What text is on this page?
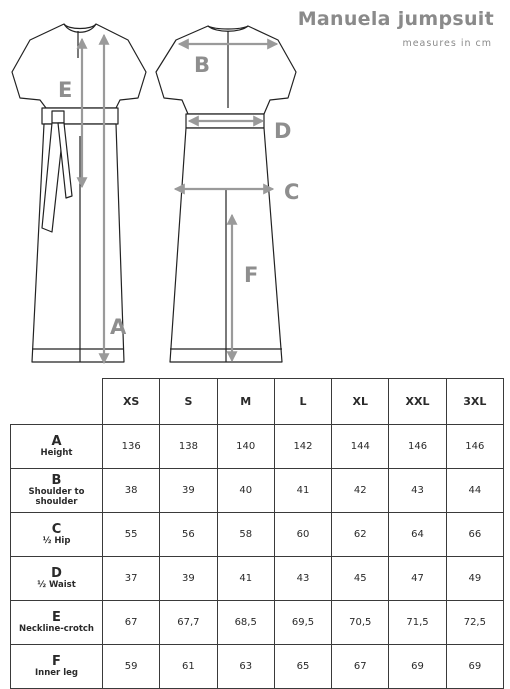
Manuela jumpsuit

measures in cm

E
A
B
D
C
F
	XS	S	M	L	XL	XXL	3XL

A
Height	136	138	140	142	144	146	146

B
Shoulder to shoulder	38	39	40	41	42	43	44

C
½ Hip	55	56	58	60	62	64	66

D
½ Waist	37	39	41	43	45	47	49

E
Neckline-crotch	67	67,7	68,5	69,5	70,5	71,5	72,5

F
Inner leg	59	61	63	65	67	69	69
